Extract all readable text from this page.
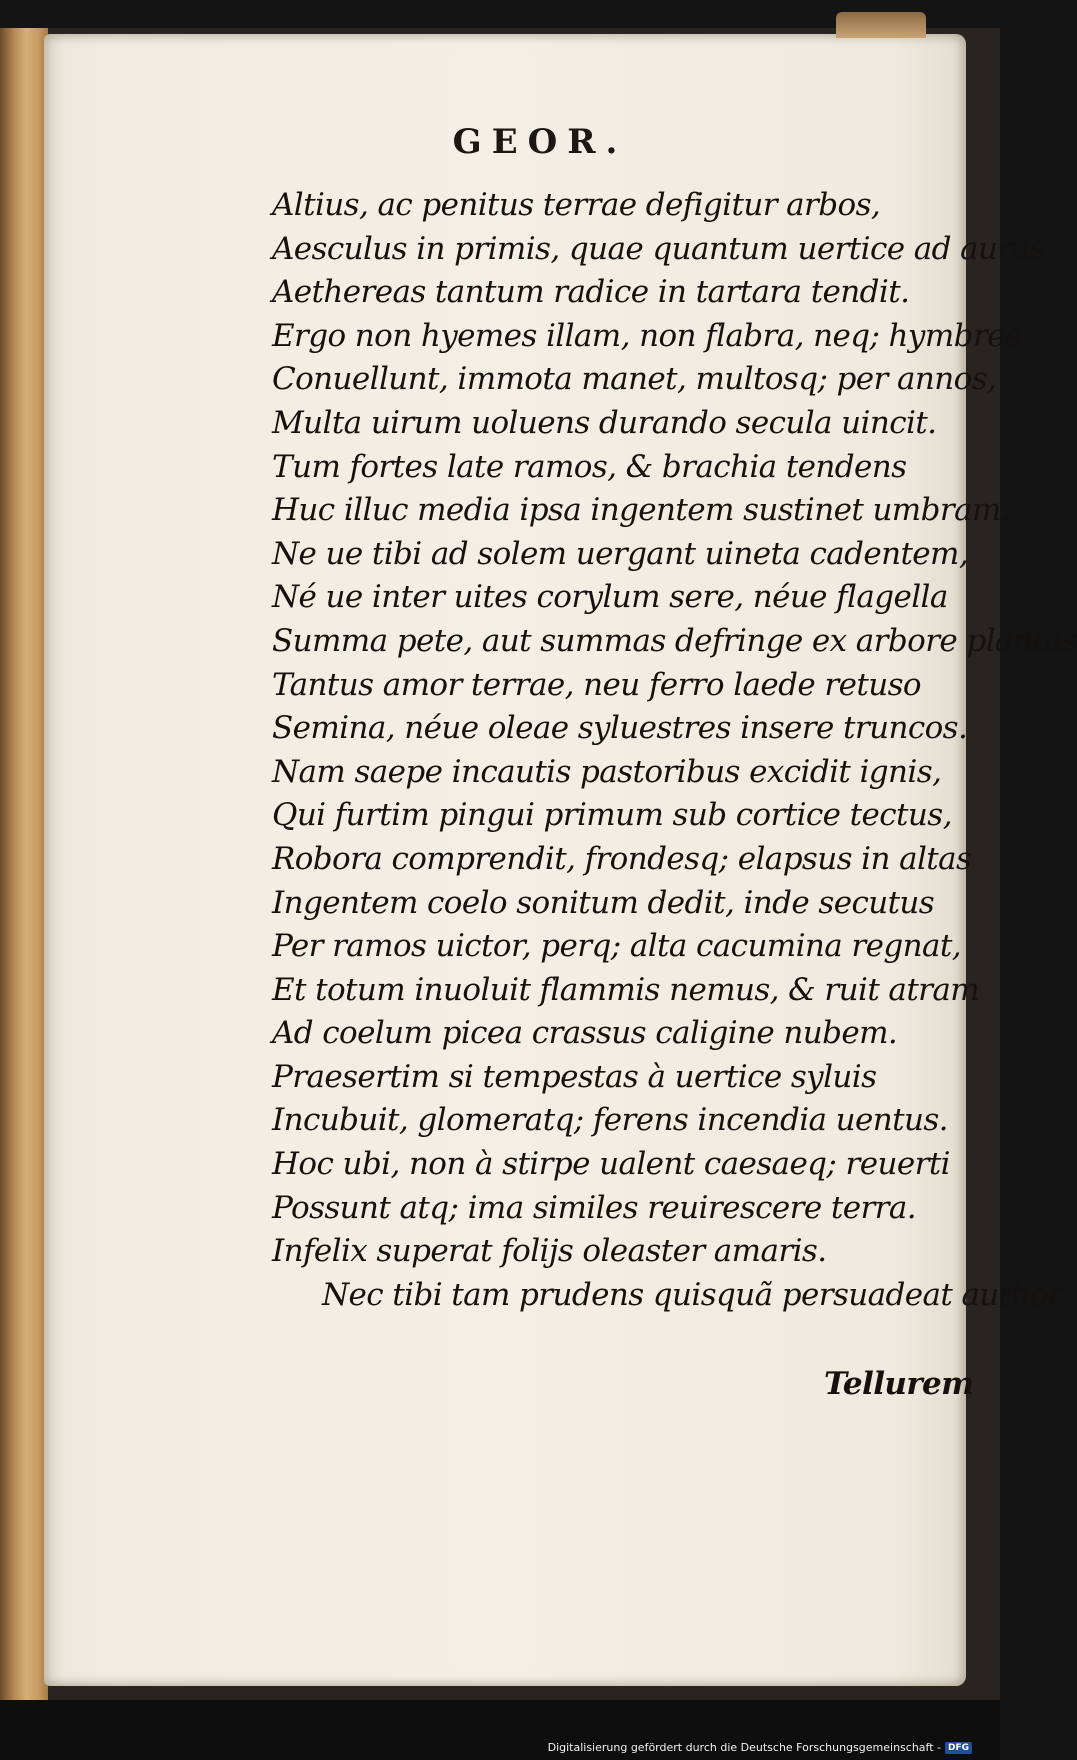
GEOR.
Altius, ac penitus terrae defigitur arbos,
Aesculus in primis, quae quantum uertice ad auras
Aethereas tantum radice in tartara tendit.
Ergo non hyemes illam, non flabra, neq; hymbres
Conuellunt, immota manet, multosq; per annos,
Multa uirum uoluens durando secula uincit.
Tum fortes late ramos, & brachia tendens
Huc illuc media ipsa ingentem sustinet umbram.
Ne ue tibi ad solem uergant uineta cadentem,
Né ue inter uites corylum sere, néue flagella
Summa pete, aut summas defringe ex arbore plantas
Tantus amor terrae, neu ferro laede retuso
Semina, néue oleae syluestres insere truncos.
Nam saepe incautis pastoribus excidit ignis,
Qui furtim pingui primum sub cortice tectus,
Robora comprendit, frondesq; elapsus in altas
Ingentem coelo sonitum dedit, inde secutus
Per ramos uictor, perq; alta cacumina regnat,
Et totum inuoluit flammis nemus, & ruit atram
Ad coelum picea crassus caligine nubem.
Praesertim si tempestas à uertice syluis
Incubuit, glomeratq; ferens incendia uentus.
Hoc ubi, non à stirpe ualent caesaeq; reuerti
Possunt atq; ima similes reuirescere terra.
Infelix superat folijs oleaster amaris.
Nec tibi tam prudens quisquã persuadeat author
Tellurem
Digitalisierung gefördert durch die Deutsche Forschungsgemeinschaft - DFG
